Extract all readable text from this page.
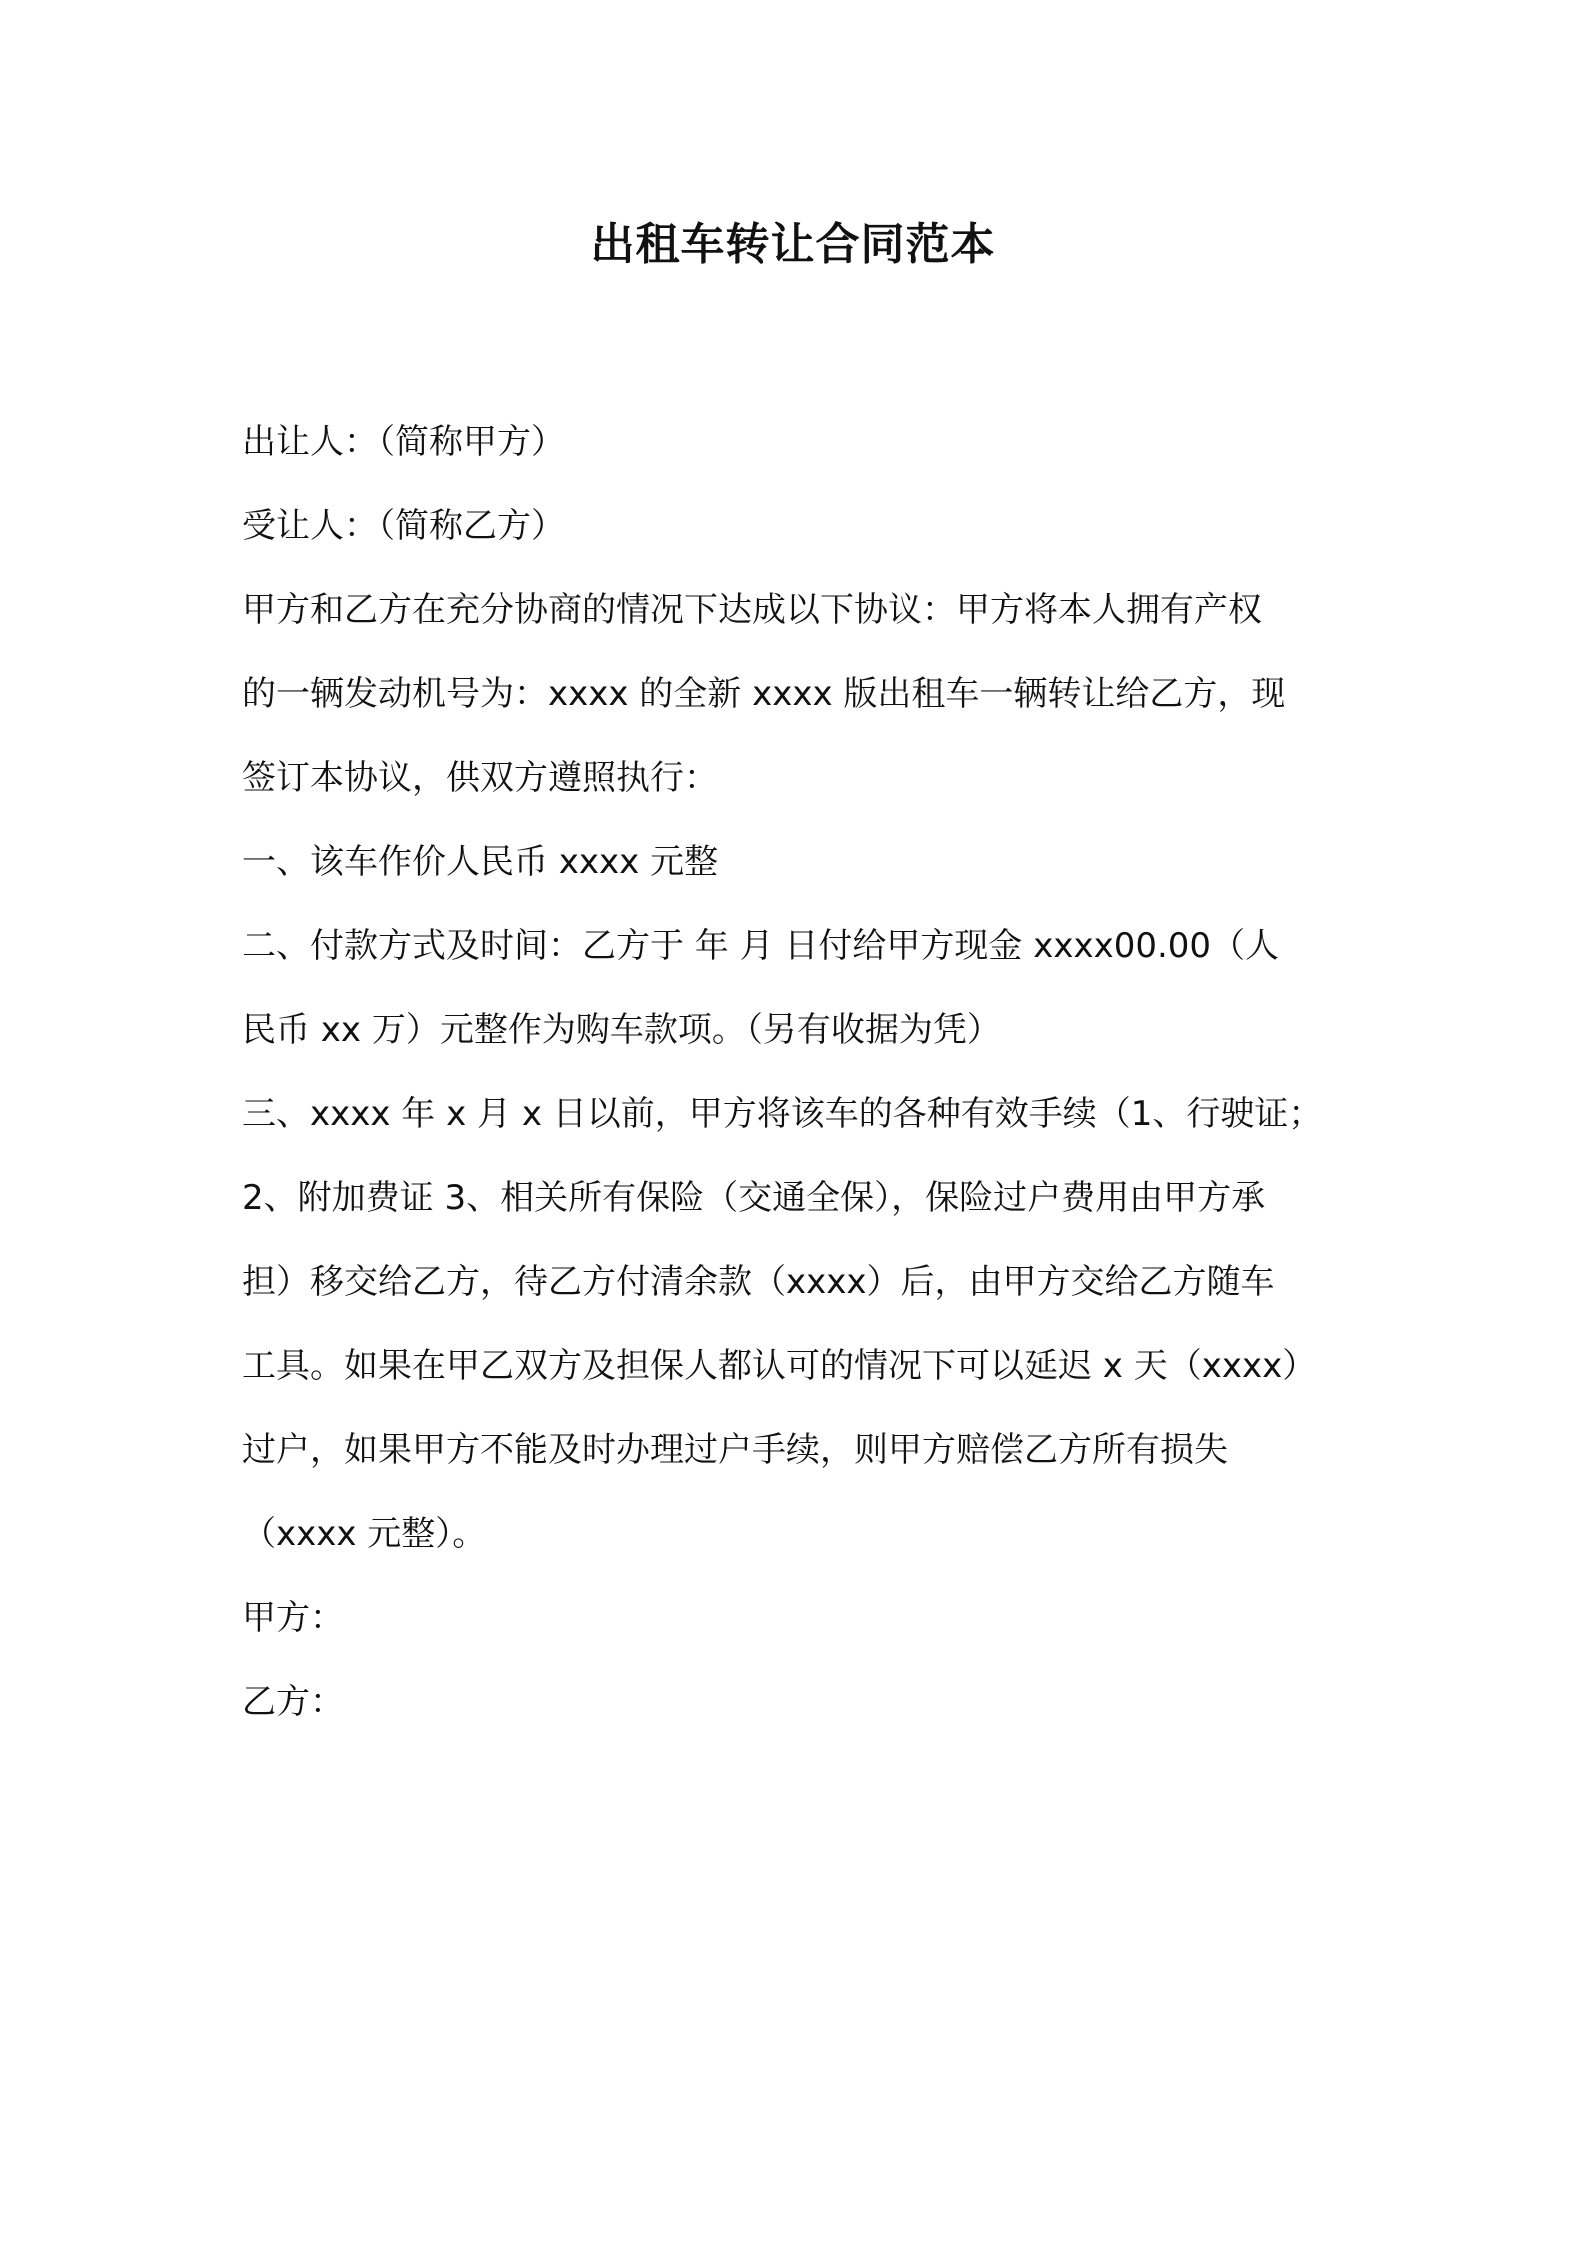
出租车转让合同范本
出让人：（简称甲方）
受让人：（简称乙方）
甲方和乙方在充分协商的情况下达成以下协议：甲方将本人拥有产权
的一辆发动机号为：xxxx 的全新 xxxx 版出租车一辆转让给乙方，现
签订本协议，供双方遵照执行：
一、该车作价人民币 xxxx 元整
二、付款方式及时间：乙方于 年 月 日付给甲方现金 xxxx00.00（人
民币 xx 万）元整作为购车款项。（另有收据为凭）
三、xxxx 年 x 月 x 日以前，甲方将该车的各种有效手续（1、行驶证；
2、附加费证 3、相关所有保险（交通全保），保险过户费用由甲方承
担）移交给乙方，待乙方付清余款（xxxx）后，由甲方交给乙方随车
工具。如果在甲乙双方及担保人都认可的情况下可以延迟 x 天（xxxx）
过户，如果甲方不能及时办理过户手续，则甲方赔偿乙方所有损失
（xxxx 元整）。
甲方：
乙方：
